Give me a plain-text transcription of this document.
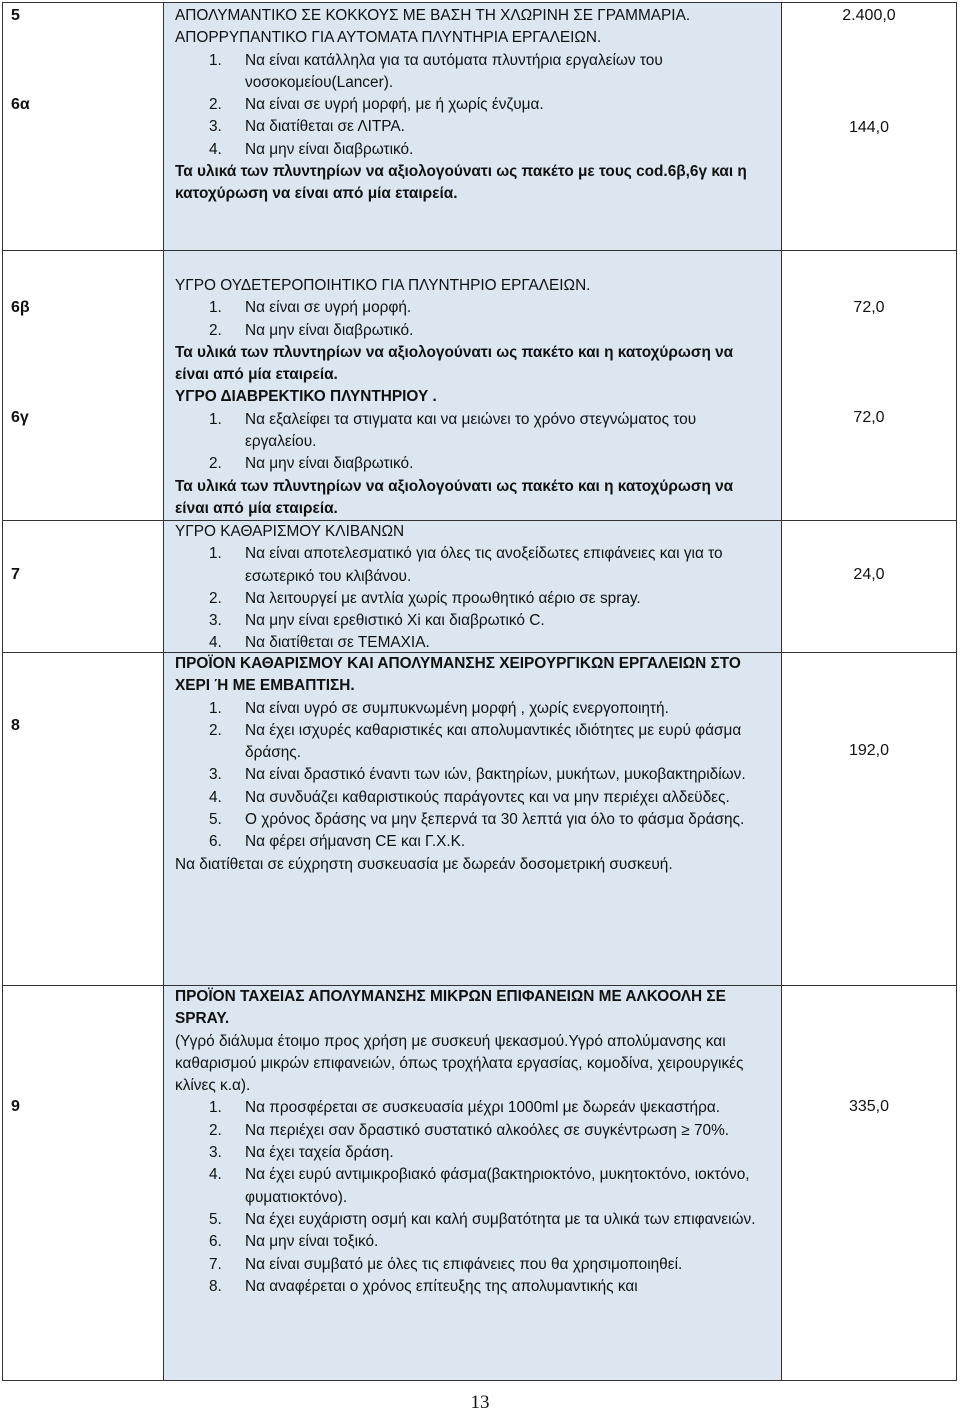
5
6α
2.400,0
144,0
ΑΠΟΛΥΜΑΝΤΙΚΟ ΣΕ ΚΟΚΚΟΥΣ ΜΕ ΒΑΣΗ ΤΗ ΧΛΩΡΙΝΗ ΣΕ ΓΡΑΜΜΑΡΙΑ.
ΑΠΟΡΡΥΠΑΝΤΙΚΟ ΓΙΑ ΑΥΤΟΜΑΤΑ ΠΛΥΝΤΗΡΙΑ ΕΡΓΑΛΕΙΩΝ.
1. Να είναι κατάλληλα για τα αυτόματα πλυντήρια εργαλείων του νοσοκομείου(Lancer).
2. Να είναι σε υγρή μορφή, με ή χωρίς ένζυμα.
3. Να διατίθεται σε ΛΙΤΡΑ.
4. Να μην είναι διαβρωτικό.
Τα υλικά των πλυντηρίων να αξιολογούνατι ως πακέτο με τους cod.6β,6γ και η κατοχύρωση να είναι από μία εταιρεία.
6β
6γ
72,0
72,0
ΥΓΡΟ ΟΥΔΕΤΕΡΟΠΟΙΗΤΙΚΟ ΓΙΑ ΠΛΥΝΤΗΡΙΟ ΕΡΓΑΛΕΙΩΝ.
1. Να είναι σε υγρή μορφή.
2. Να μην είναι διαβρωτικό.
Τα υλικά των πλυντηρίων να αξιολογούνατι ως πακέτο και η κατοχύρωση να είναι από μία εταιρεία.
ΥΓΡΟ ΔΙΑΒΡΕΚΤΙΚΟ ΠΛΥΝΤΗΡΙΟΥ .
1. Να εξαλείφει τα στιγματα και να μειώνει το χρόνο στεγνώματος του εργαλείου.
2. Να μην είναι διαβρωτικό.
Τα υλικά των πλυντηρίων να αξιολογούνατι ως πακέτο και η κατοχύρωση να είναι από μία εταιρεία.
7	24,0
ΥΓΡΟ ΚΑΘΑΡΙΣΜΟΥ ΚΛΙΒΑΝΩΝ
1. Να είναι αποτελεσματικό για όλες τις ανοξείδωτες επιφάνειες και για το εσωτερικό του κλιβάνου.
2. Να λειτουργεί με αντλία χωρίς προωθητικό αέριο σε spray.
3. Να μην είναι ερεθιστικό Xi και διαβρωτικό C.
4. Να διατίθεται σε ΤΕΜΑΧΙΑ.
8
192,0
ΠΡΟΪΟΝ ΚΑΘΑΡΙΣΜΟΥ ΚΑΙ ΑΠΟΛΥΜΑΝΣΗΣ ΧΕΙΡΟΥΡΓΙΚΩΝ ΕΡΓΑΛΕΙΩΝ ΣΤΟ ΧΕΡΙ Ή ΜΕ ΕΜΒΑΠΤΙΣΗ.
1. Να είναι υγρό σε συμπυκνωμένη μορφή , χωρίς ενεργοποιητή.
2. Να έχει ισχυρές καθαριστικές και απολυμαντικές ιδιότητες με ευρύ φάσμα δράσης.
3. Να είναι δραστικό έναντι των ιών, βακτηρίων, μυκήτων, μυκοβακτηριδίων.
4. Να συνδυάζει καθαριστικούς παράγοντες και να μην περιέχει αλδεϋδες.
5. Ο χρόνος δράσης να μην ξεπερνά τα 30 λεπτά για όλο το φάσμα δράσης.
6. Να φέρει σήμανση CE και Γ.Χ.Κ.
Να διατίθεται σε εύχρηστη συσκευασία με δωρεάν δοσομετρική συσκευή.
9	335,0
ΠΡΟΪΟΝ ΤΑΧΕΙΑΣ ΑΠΟΛΥΜΑΝΣΗΣ ΜΙΚΡΩΝ ΕΠΙΦΑΝΕΙΩΝ ΜΕ ΑΛΚΟΟΛΗ ΣΕ SPRAY.
(Υγρό διάλυμα έτοιμο προς χρήση με συσκευή ψεκασμού.Υγρό απολύμανσης και καθαρισμού μικρών επιφανειών, όπως τροχήλατα εργασίας, κομοδίνα, χειρουργικές κλίνες κ.α).
1. Να προσφέρεται σε συσκευασία μέχρι 1000ml με δωρεάν ψεκαστήρα.
2. Να περιέχει σαν δραστικό συστατικό αλκοόλες σε συγκέντρωση ≥ 70%.
3. Να έχει ταχεία δράση.
4. Να έχει ευρύ αντιμικροβιακό φάσμα(βακτηριοκτόνο, μυκητοκτόνο, ιοκτόνο, φυματιοκτόνο).
5. Να έχει ευχάριστη οσμή και καλή συμβατότητα με τα υλικά των επιφανειών.
6. Να μην είναι τοξικό.
7. Να είναι συμβατό με όλες τις επιφάνειες που θα χρησιμοποιηθεί.
8. Να αναφέρεται ο χρόνος επίτευξης της απολυμαντικής και
13
